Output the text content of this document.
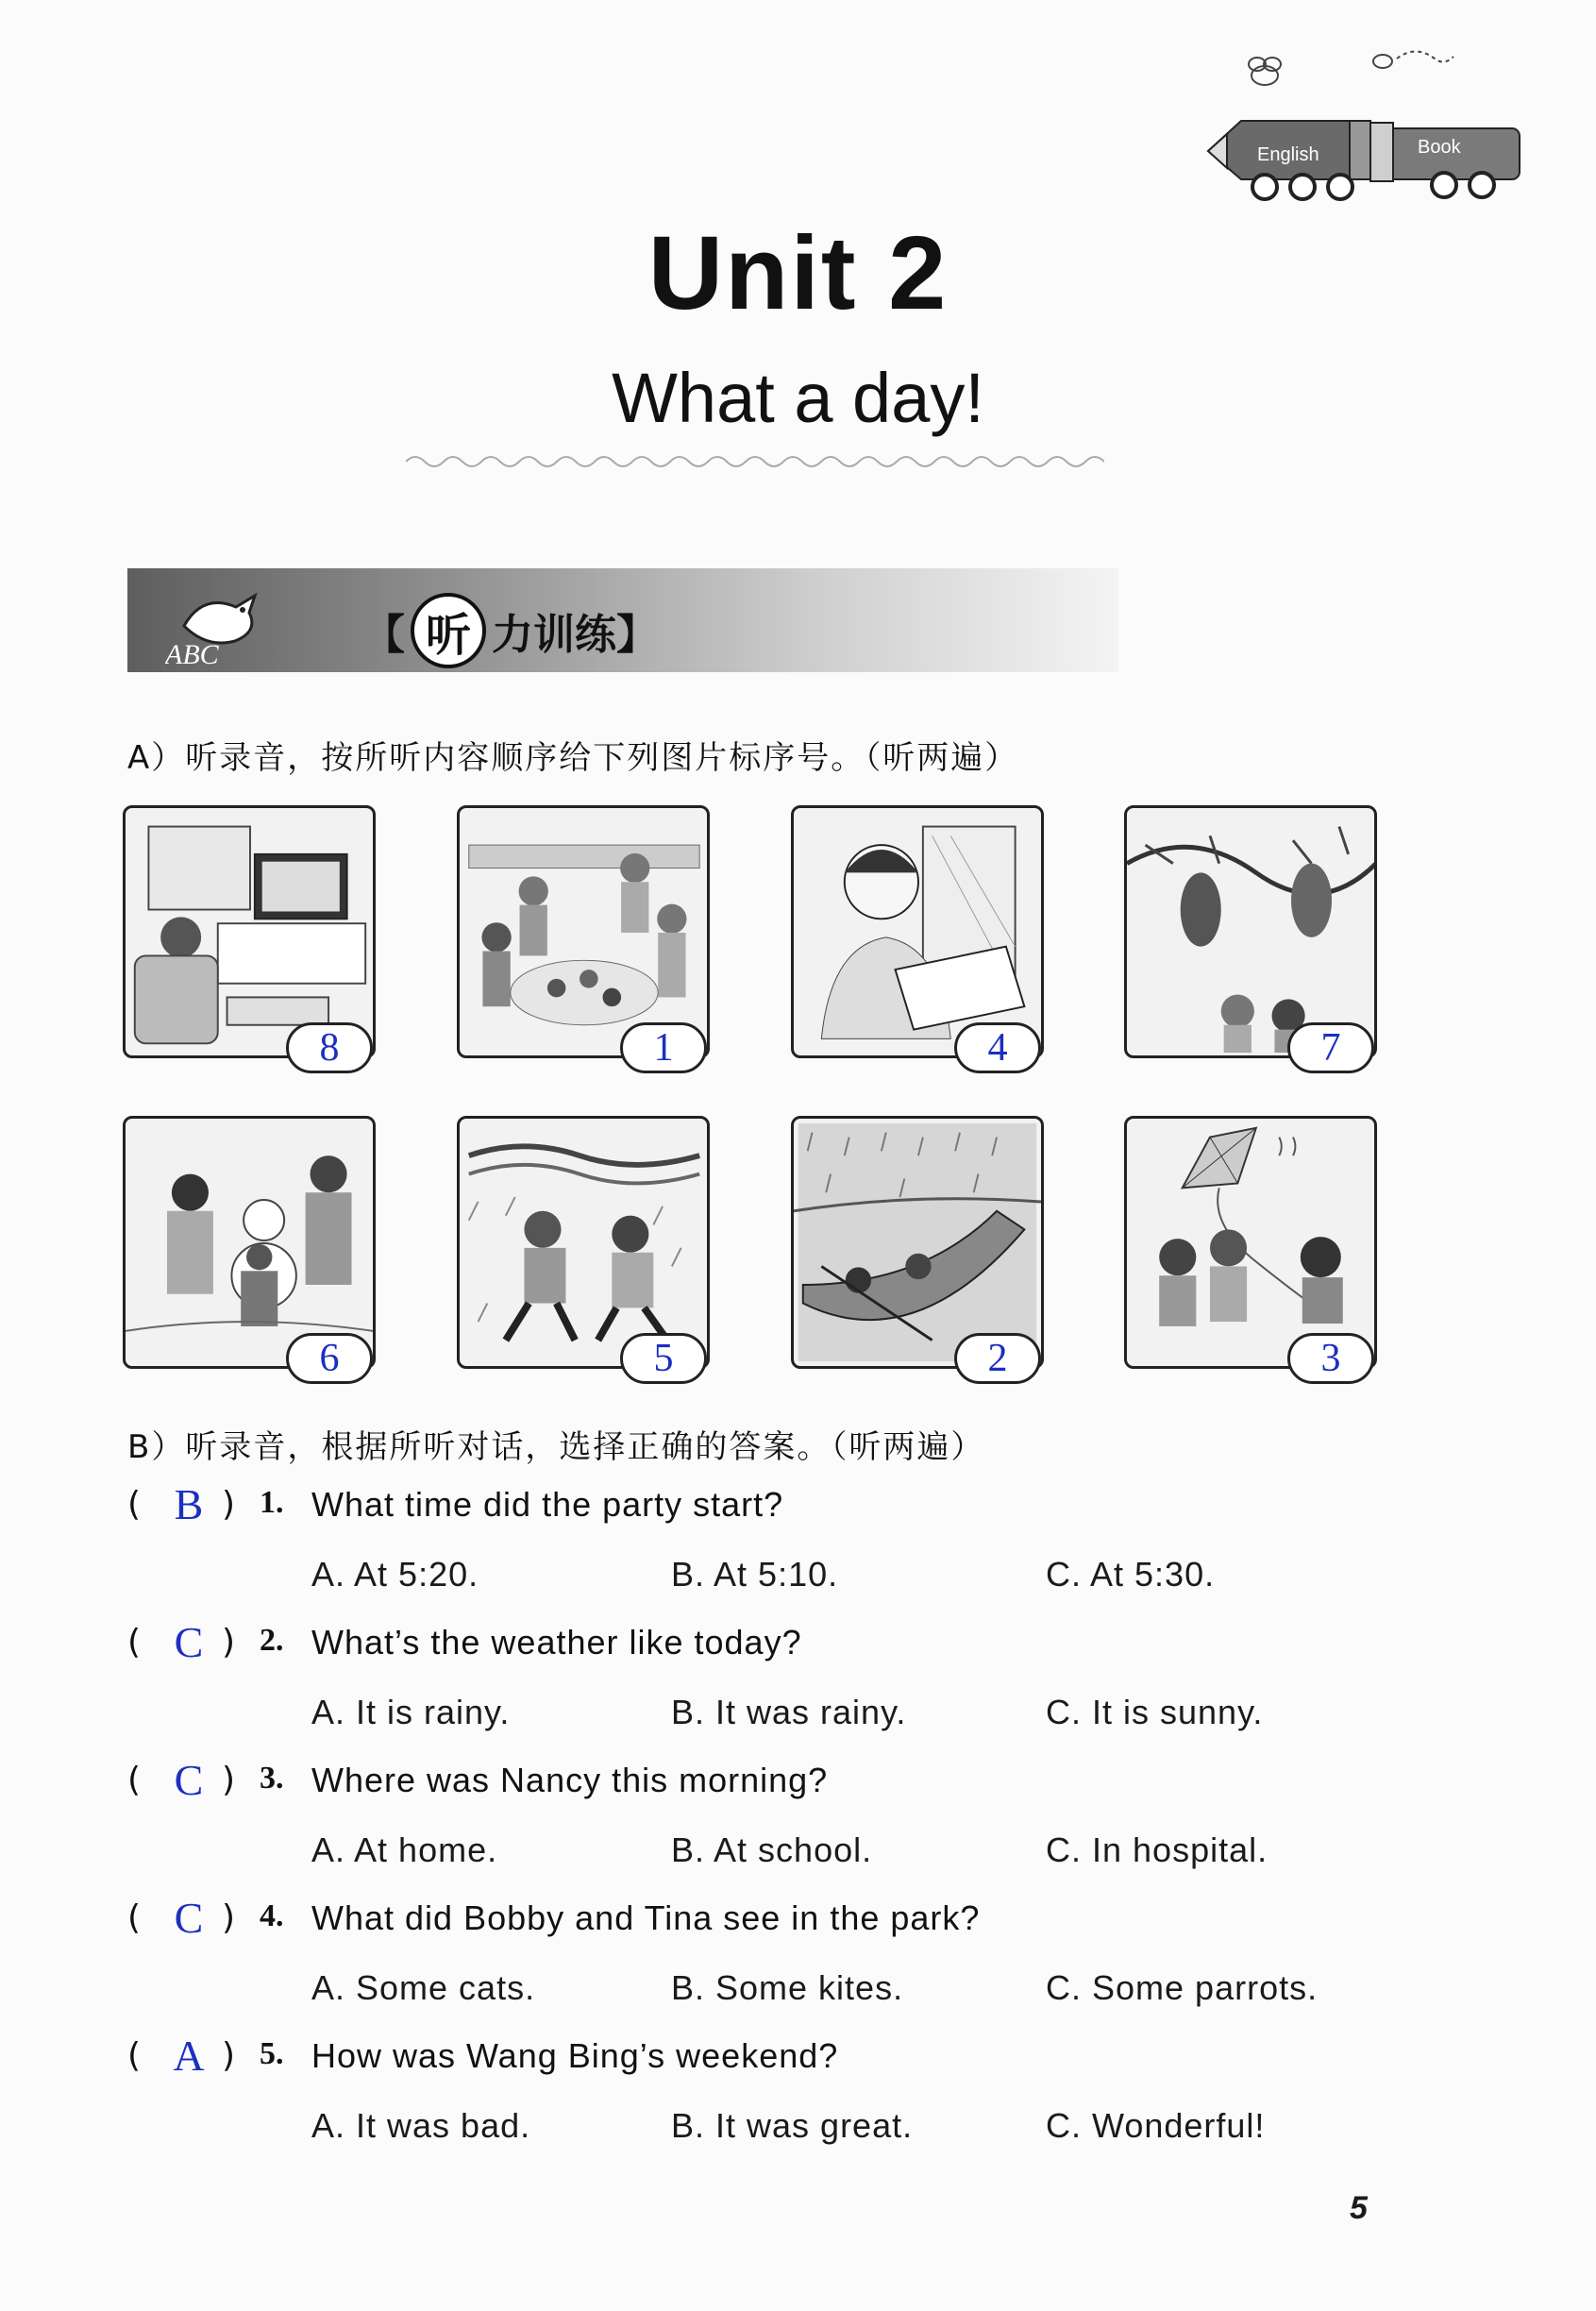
English	Book
Unit 2
What a day!
ABC	【 听 力训练】
A）听录音，按所听内容顺序给下列图片标序号。（听两遍）
8	1	4	7
6	5	2	3
B）听录音，根据所听对话，选择正确的答案。（听两遍）
( B ) 1. What time did the party start?
A. At 5:20.	B. At 5:10.	C. At 5:30.
( C ) 2. What’s the weather like today?
A. It is rainy.	B. It was rainy.	C. It is sunny.
( C ) 3. Where was Nancy this morning?
A. At home.	B. At school.	C. In hospital.
( C ) 4. What did Bobby and Tina see in the park?
A. Some cats.	B. Some kites.	C. Some parrots.
( A ) 5. How was Wang Bing’s weekend?
A. It was bad.	B. It was great.	C. Wonderful!
5
